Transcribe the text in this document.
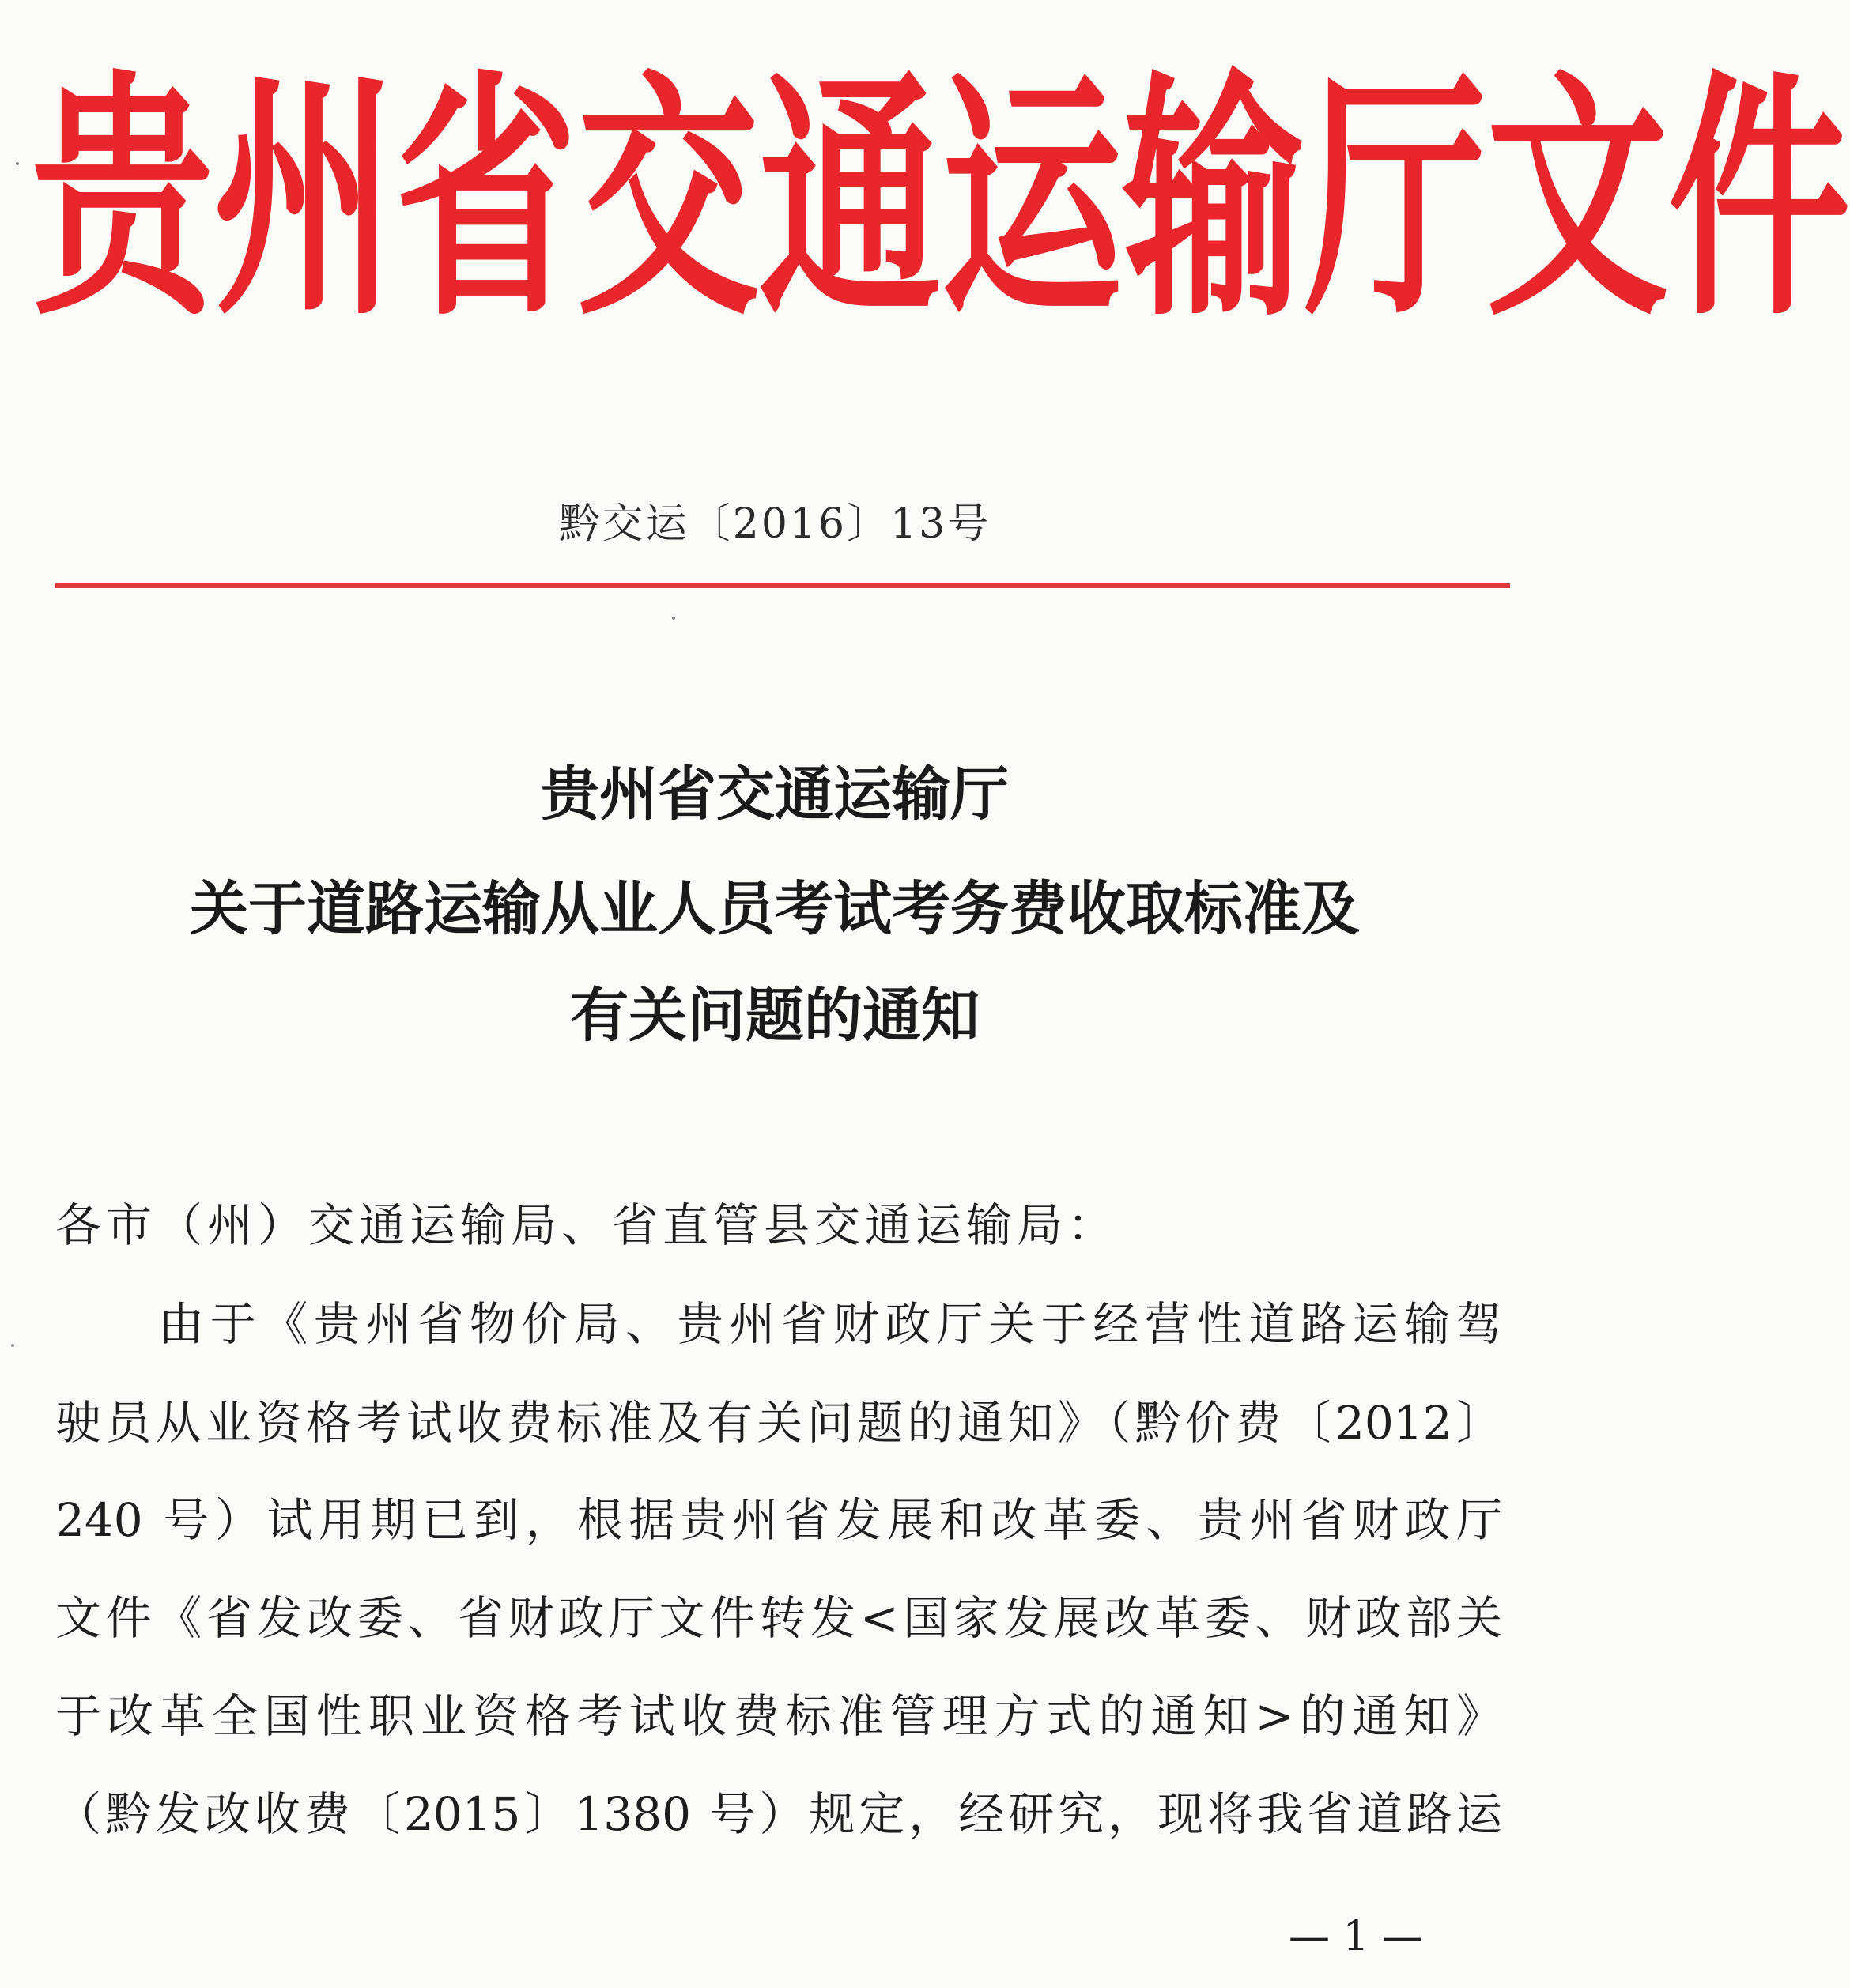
贵 州 省 交 通 运 输 厅 文 件
黔交运〔2016〕13号
贵州省交通运输厅
关于道路运输从业人员考试考务费收取标准及
有关问题的通知
各市（州）交通运输局、省直管县交通运输局：
由于《贵州省物价局、贵州省财政厅关于经营性道路运输驾
驶员从业资格考试收费标准及有关问题的通知》（黔价费〔2012〕
240 号）试用期已到，根据贵州省发展和改革委、贵州省财政厅
文件《省发改委、省财政厅文件转发<国家发展改革委、财政部关
于改革全国性职业资格考试收费标准管理方式的通知>的通知》
（黔发改收费〔2015〕1380 号）规定，经研究，现将我省道路运
— 1 —
